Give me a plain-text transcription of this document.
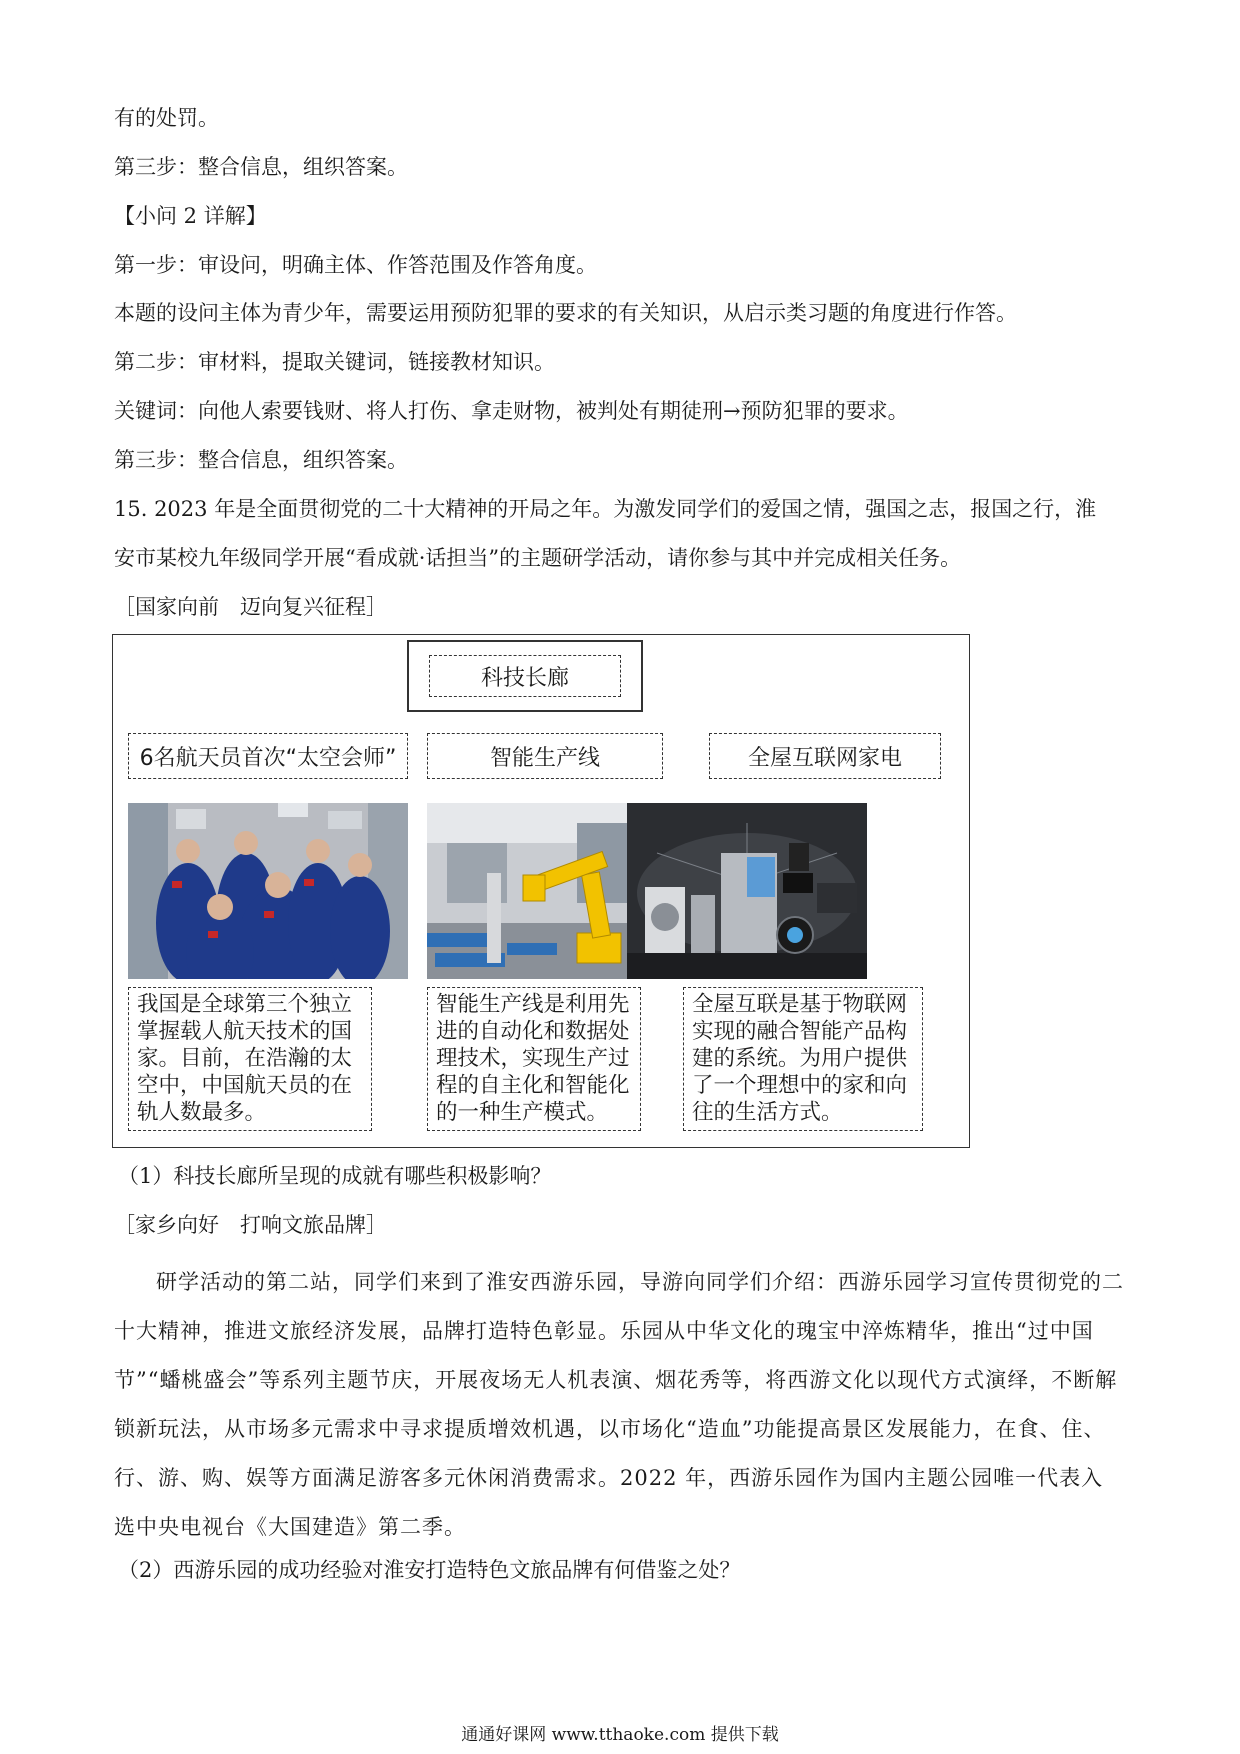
有的处罚。
第三步：整合信息，组织答案。
【小问 2 详解】
第一步：审设问，明确主体、作答范围及作答角度。
本题的设问主体为青少年，需要运用预防犯罪的要求的有关知识，从启示类习题的角度进行作答。
第二步：审材料，提取关键词，链接教材知识。
关键词：向他人索要钱财、将人打伤、拿走财物，被判处有期徒刑→预防犯罪的要求。
第三步：整合信息，组织答案。
15. 2023 年是全面贯彻党的二十大精神的开局之年。为激发同学们的爱国之情，强国之志，报国之行，淮
安市某校九年级同学开展“看成就·话担当”的主题研学活动，请你参与其中并完成相关任务。
［国家向前　迈向复兴征程］
科技长廊
6名航天员首次“太空会师”	智能生产线	全屋互联网家电
我国是全球第三个独立掌握载人航天技术的国家。目前，在浩瀚的太空中，中国航天员的在轨人数最多。
智能生产线是利用先进的自动化和数据处理技术，实现生产过程的自主化和智能化的一种生产模式。
全屋互联是基于物联网实现的融合智能产品构建的系统。为用户提供了一个理想中的家和向往的生活方式。
（1）科技长廊所呈现的成就有哪些积极影响？
［家乡向好　打响文旅品牌］
研学活动的第二站，同学们来到了淮安西游乐园，导游向同学们介绍：西游乐园学习宣传贯彻党的二十大精神，推进文旅经济发展，品牌打造特色彰显。乐园从中华文化的瑰宝中淬炼精华，推出“过中国节”“蟠桃盛会”等系列主题节庆，开展夜场无人机表演、烟花秀等，将西游文化以现代方式演绎，不断解锁新玩法，从市场多元需求中寻求提质增效机遇，以市场化“造血”功能提高景区发展能力，在食、住、行、游、购、娱等方面满足游客多元休闲消费需求。2022 年，西游乐园作为国内主题公园唯一代表入选中央电视台《大国建造》第二季。
（2）西游乐园的成功经验对淮安打造特色文旅品牌有何借鉴之处？
通通好课网 www.tthaoke.com 提供下载
